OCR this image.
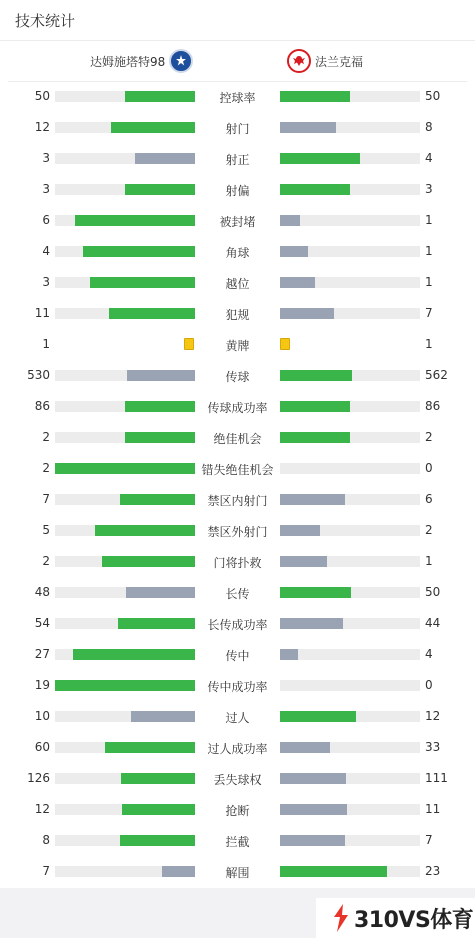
技术统计
达姆施塔特98	法兰克福
50	控球率	50
12	射门	8
3	射正	4
3	射偏	3
6	被封堵	1
4	角球	1
3	越位	1
11	犯规	7
1	黄牌	1
530	传球	562
86	传球成功率	86
2	绝佳机会	2
2	错失绝佳机会	0
7	禁区内射门	6
5	禁区外射门	2
2	门将扑救	1
48	长传	50
54	长传成功率	44
27	传中	4
19	传中成功率	0
10	过人	12
60	过人成功率	33
126	丢失球权	111
12	抢断	11
8	拦截	7
7	解围	23
310VS体育
